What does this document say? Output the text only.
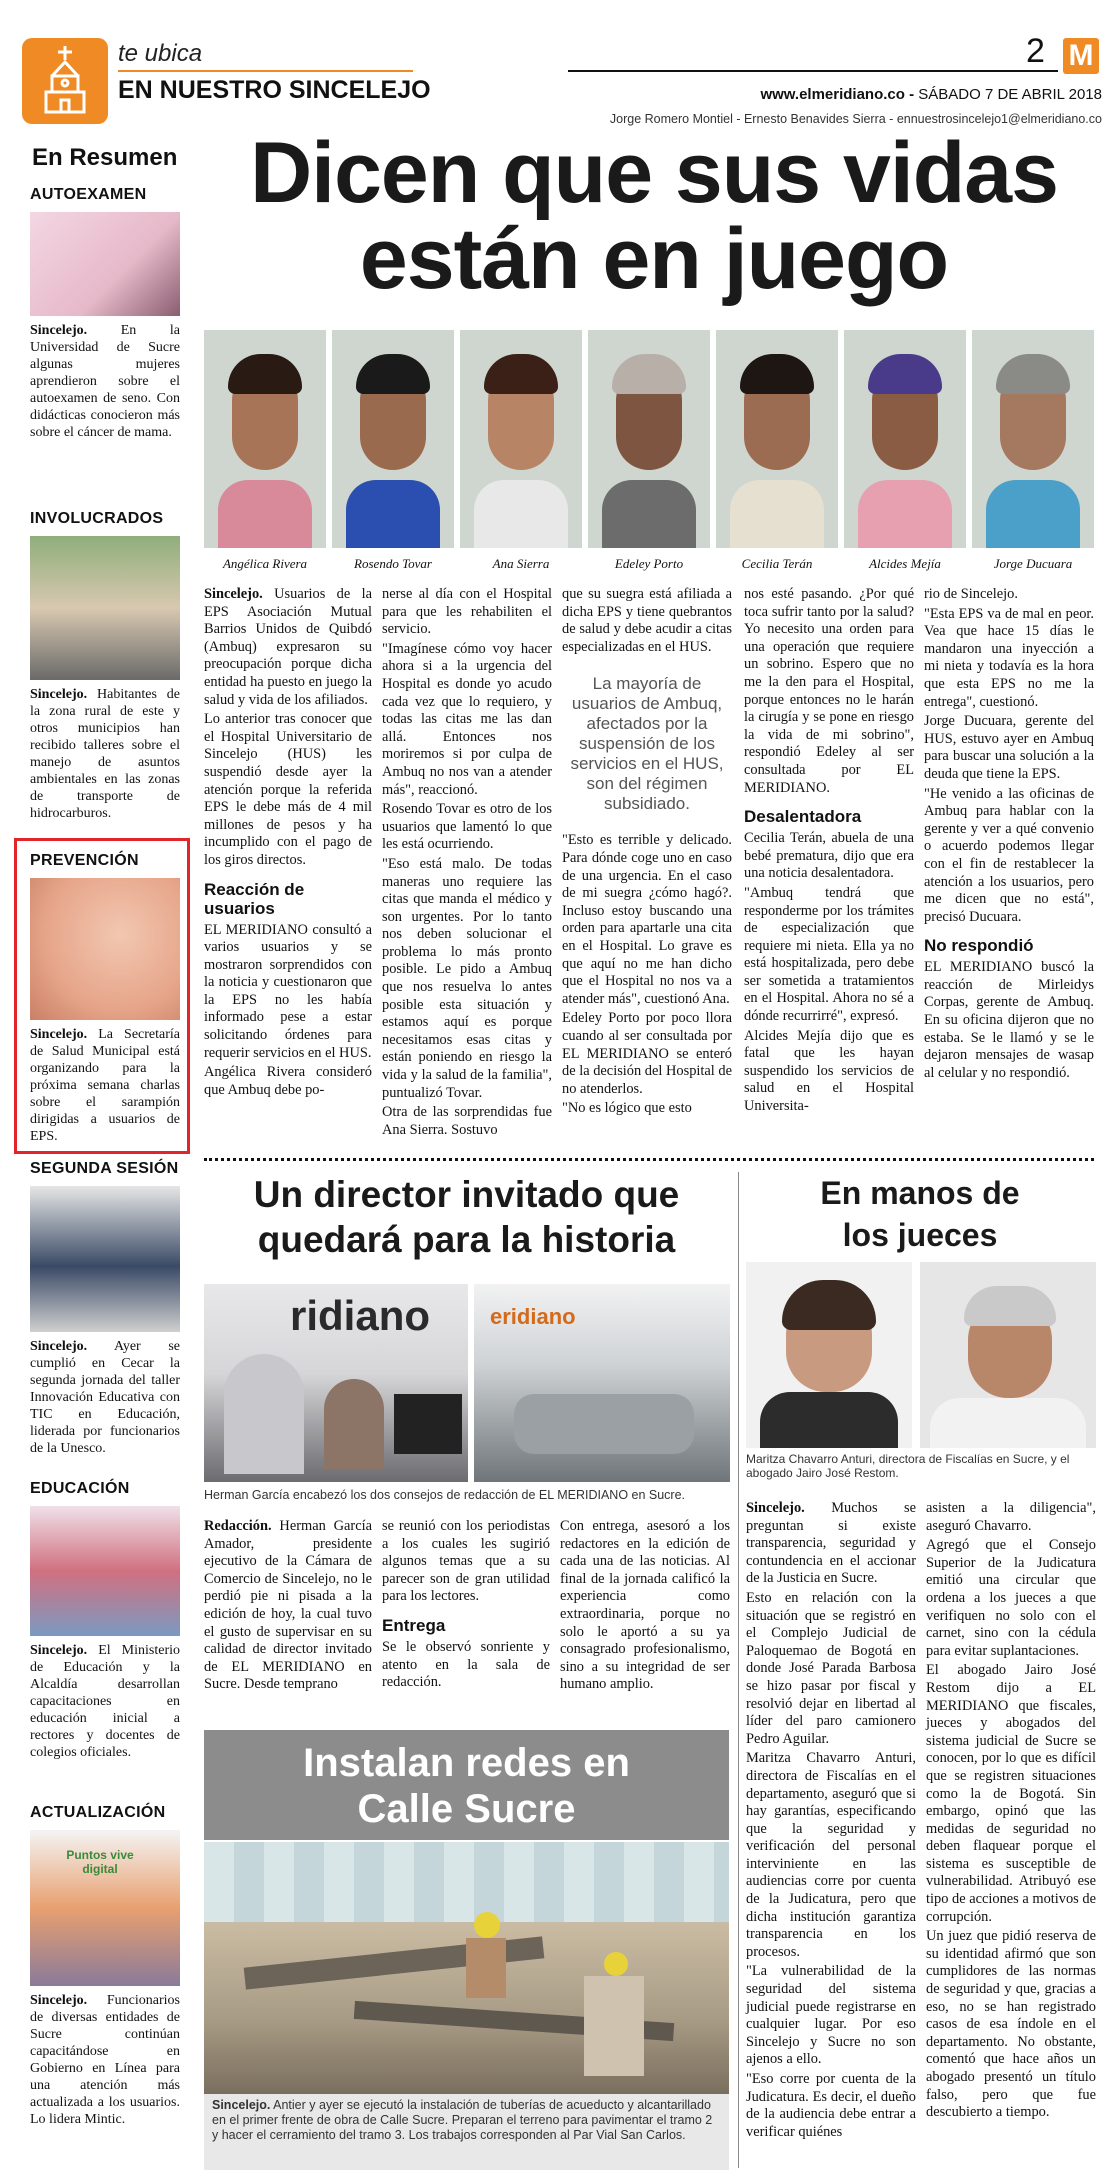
te ubica
EN NUESTRO SINCELEJO
2 M
www.elmeridiano.co - SÁBADO 7 DE ABRIL 2018
Jorge Romero Montiel - Ernesto Benavides Sierra - ennuestrosincelejo1@elmeridiano.co
En Resumen
AUTOEXAMEN
Sincelejo. En la Universidad de Sucre algunas mujeres aprendieron sobre el autoexamen de seno. Con didácticas conocieron más sobre el cáncer de mama.
INVOLUCRADOS
Sincelejo. Habitantes de la zona rural de este y otros municipios han recibido talleres sobre el manejo de asuntos ambientales en las zonas de transporte de hidrocarburos.
PREVENCIÓN
Sincelejo. La Secretaría de Salud Municipal está organizando para la próxima semana charlas sobre el sarampión dirigidas a usuarios de EPS.
SEGUNDA SESIÓN
Sincelejo. Ayer se cumplió en Cecar la segunda jornada del taller Innovación Educativa con TIC en Educación, liderada por funcionarios de la Unesco.
EDUCACIÓN
Sincelejo. El Ministerio de Educación y la Alcaldía desarrollan capacitaciones en educación inicial a rectores y docentes de colegios oficiales.
ACTUALIZACIÓN
Puntos vive digital
Sincelejo. Funcionarios de diversas entidades de Sucre continúan capacitándose en Gobierno en Línea para una atención más actualizada a los usuarios. Lo lidera Mintic.
Dicen que sus vidas
están en juego
Angélica Rivera	Rosendo Tovar	Ana Sierra	Edeley Porto	Cecilia Terán	Alcides Mejía	Jorge Ducuara

Sincelejo. Usuarios de la EPS Asociación Mutual Barrios Unidos de Quibdó (Ambuq) expresaron su preocupación porque dicha entidad ha puesto en juego la salud y vida de los afiliados.

Lo anterior tras conocer que el Hospital Universitario de Sincelejo (HUS) les suspendió desde ayer la atención porque la referida EPS le debe más de 4 mil millones de pesos y ha incumplido con el pago de los giros directos.

Reacción de usuarios

EL MERIDIANO consultó a varios usuarios y se mostraron sorprendidos con la noticia y cuestionaron que la EPS no les había informado pese a estar solicitando órdenes para requerir servicios en el HUS.

Angélica Rivera consideró que Ambuq debe po-

nerse al día con el Hospital para que les rehabiliten el servicio.

"Imagínese cómo voy hacer ahora si a la urgencia del Hospital es donde yo acudo cada vez que lo requiero, y todas las citas me las dan allá. Entonces nos moriremos si por culpa de Ambuq no nos van a atender más", reaccionó.

Rosendo Tovar es otro de los usuarios que lamentó lo que les está ocurriendo.

"Eso está malo. De todas maneras uno requiere las citas que manda el médico y son urgentes. Por lo tanto nos deben solucionar el problema lo más pronto posible. Le pido a Ambuq que nos resuelva lo antes posible esta situación y estamos aquí es porque necesitamos esas citas y están poniendo en riesgo la vida y la salud de la familia", puntualizó Tovar.

Otra de las sorprendidas fue Ana Sierra. Sostuvo

que su suegra está afiliada a dicha EPS y tiene quebrantos de salud y debe acudir a citas especializadas en el HUS.

La mayoría de usuarios de Ambuq, afectados por la suspensión de los servicios en el HUS, son del régimen subsidiado.

"Esto es terrible y delicado. Para dónde coge uno en caso de una urgencia. En el caso de mi suegra ¿cómo hagó?. Incluso estoy buscando una orden para apartarle una cita en el Hospital. Lo grave es que aquí no me han dicho que el Hospital no nos va a atender más", cuestionó Ana.

Edeley Porto por poco llora cuando al ser consultada por EL MERIDIANO se enteró de la decisión del Hospital de no atenderlos.

"No es lógico que esto

nos esté pasando. ¿Por qué toca sufrir tanto por la salud? Yo necesito una orden para una operación que requiere un sobrino. Espero que no me la den para el Hospital, porque entonces no le harán la cirugía y se pone en riesgo la vida de mi sobrino", respondió Edeley al ser consultada por EL MERIDIANO.

Desalentadora

Cecilia Terán, abuela de una bebé prematura, dijo que era una noticia desalentadora.

"Ambuq tendrá que responderme por los trámites de especialización que requiere mi nieta. Ella ya no está hospitalizada, pero debe ser sometida a tratamientos en el Hospital. Ahora no sé a dónde recurrirré", expresó.

Alcides Mejía dijo que es fatal que les hayan suspendido los servicios de salud en el Hospital Universita-

rio de Sincelejo.

"Esta EPS va de mal en peor. Vea que hace 15 días le mandaron una inyección a mi nieta y todavía es la hora que esta EPS no me la entrega", cuestionó.

Jorge Ducuara, gerente del HUS, estuvo ayer en Ambuq para buscar una solución a la deuda que tiene la EPS.

"He venido a las oficinas de Ambuq para hablar con la gerente y ver a qué convenio o acuerdo podemos llegar con el fin de restablecer la atención a los usuarios, pero me dicen que no está", precisó Ducuara.

No respondió

EL MERIDIANO buscó la reacción de Mirleidys Corpas, gerente de Ambuq. En su oficina dijeron que no estaba. Se le llamó y se le dejaron mensajes de wasap al celular y no respondió.

Un director invitado que
quedará para la historia
ridiano	eridiano
Herman García encabezó los dos consejos de redacción de EL MERIDIANO en Sucre.

Redacción. Herman García Amador, presidente ejecutivo de la Cámara de Comercio de Sincelejo, no le perdió pie ni pisada a la edición de hoy, la cual tuvo el gusto de supervisar en su calidad de director invitado de EL MERIDIANO en Sucre. Desde temprano

se reunió con los periodistas a los cuales les sugirió algunos temas que a su parecer son de gran utilidad para los lectores.

Entrega

Se le observó sonriente y atento en la sala de redacción.

Con entrega, asesoró a los redactores en la edición de cada una de las noticias. Al final de la jornada calificó la experiencia como extraordinaria, porque no solo le aportó a su ya consagrado profesionalismo, sino a su integridad de ser humano amplio.

Instalan redes en
Calle Sucre
Sincelejo. Antier y ayer se ejecutó la instalación de tuberías de acueducto y alcantarillado en el primer frente de obra de Calle Sucre. Preparan el terreno para pavimentar el tramo 2 y hacer el cerramiento del tramo 3. Los trabajos corresponden al Par Vial San Carlos.
En manos de
los jueces
Maritza Chavarro Anturi, directora de Fiscalías en Sucre, y el abogado Jairo José Restom.

Sincelejo. Muchos se preguntan si existe transparencia, seguridad y contundencia en el accionar de la Justicia en Sucre.

Esto en relación con la situación que se registró en el Complejo Judicial de Paloquemao de Bogotá en donde José Parada Barbosa se hizo pasar por fiscal y resolvió dejar en libertad al líder del paro camionero Pedro Aguilar.

Maritza Chavarro Anturi, directora de Fiscalías en el departamento, aseguró que si hay garantías, especificando que la seguridad y verificación del personal interviniente en las audiencias corre por cuenta de la Judicatura, pero que dicha institución garantiza transparencia en los procesos.

"La vulnerabilidad de la seguridad del sistema judicial puede registrarse en cualquier lugar. Por eso Sincelejo y Sucre no son ajenos a ello.

"Eso corre por cuenta de la Judicatura. Es decir, el dueño de la audiencia debe entrar a verificar quiénes

asisten a la diligencia", aseguró Chavarro.

Agregó que el Consejo Superior de la Judicatura emitió una circular que ordena a los jueces a que verifiquen no solo con el carnet, sino con la cédula para evitar suplantaciones.

El abogado Jairo José Restom dijo a EL MERIDIANO que fiscales, jueces y abogados del sistema judicial de Sucre se conocen, por lo que es difícil que se registren situaciones como la de Bogotá. Sin embargo, opinó que las medidas de seguridad no deben flaquear porque el sistema es susceptible de vulnerabilidad. Atribuyó ese tipo de acciones a motivos de corrupción.

Un juez que pidió reserva de su identidad afirmó que son cumplidores de las normas de seguridad y que, gracias a eso, no se han registrado casos de esa índole en el departamento. No obstante, comentó que hace años un abogado presentó un título falso, pero que fue descubierto a tiempo.
